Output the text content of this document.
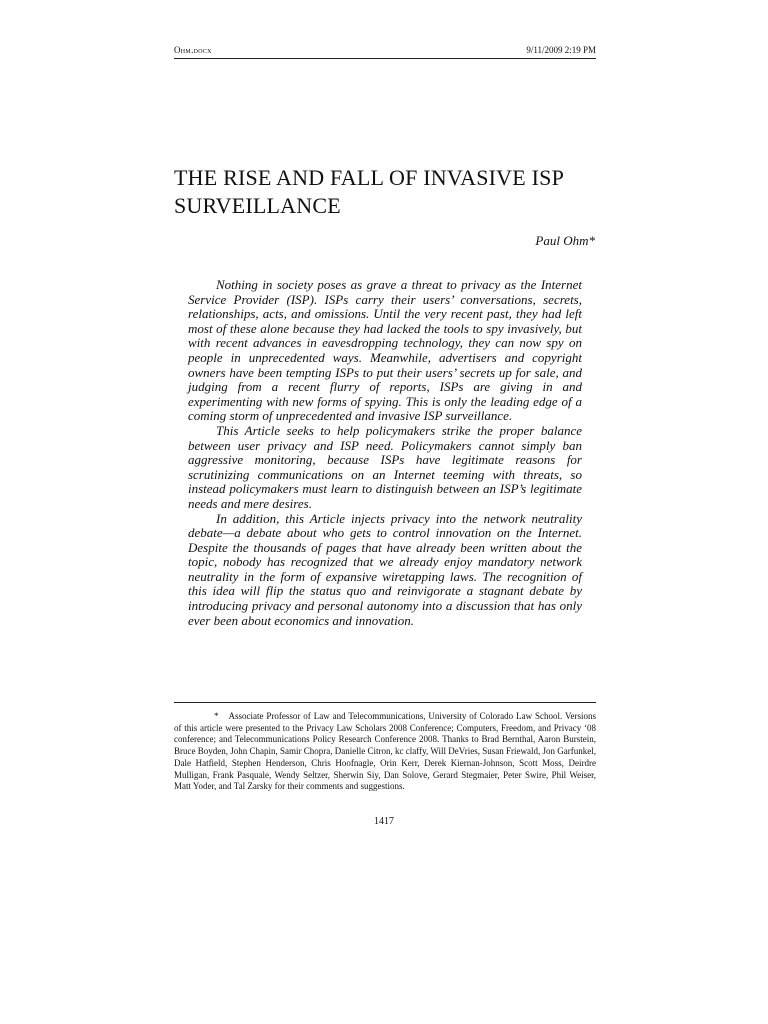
Ohm.docx	9/11/2009 2:19 PM
THE RISE AND FALL OF INVASIVE ISP
SURVEILLANCE
Paul Ohm*

Nothing in society poses as grave a threat to privacy as the Internet Service Provider (ISP). ISPs carry their users’ conversations, secrets, relationships, acts, and omissions. Until the very recent past, they had left most of these alone because they had lacked the tools to spy invasively, but with recent advances in eavesdropping technology, they can now spy on people in unprecedented ways. Meanwhile, advertisers and copyright owners have been tempting ISPs to put their users’ secrets up for sale, and judging from a recent flurry of reports, ISPs are giving in and experimenting with new forms of spying. This is only the leading edge of a coming storm of unprecedented and invasive ISP surveillance.

This Article seeks to help policymakers strike the proper balance between user privacy and ISP need. Policymakers cannot simply ban aggressive monitoring, because ISPs have legitimate reasons for scrutinizing communications on an Internet teeming with threats, so instead policymakers must learn to distinguish between an ISP’s legitimate needs and mere desires.

In addition, this Article injects privacy into the network neutrality debate—a debate about who gets to control innovation on the Internet. Despite the thousands of pages that have already been written about the topic, nobody has recognized that we already enjoy mandatory network neutrality in the form of expansive wiretapping laws. The recognition of this idea will flip the status quo and reinvigorate a stagnant debate by introducing privacy and personal autonomy into a discussion that has only ever been about economics and innovation.

* Associate Professor of Law and Telecommunications, University of Colorado Law School. Versions of this article were presented to the Privacy Law Scholars 2008 Conference; Computers, Freedom, and Privacy ‘08 conference; and Telecommunications Policy Research Conference 2008. Thanks to Brad Bernthal, Aaron Burstein, Bruce Boyden, John Chapin, Samir Chopra, Danielle Citron, kc claffy, Will DeVries, Susan Friewald, Jon Garfunkel, Dale Hatfield, Stephen Henderson, Chris Hoofnagle, Orin Kerr, Derek Kiernan-Johnson, Scott Moss, Deirdre Mulligan, Frank Pasquale, Wendy Seltzer, Sherwin Siy, Dan Solove, Gerard Stegmaier, Peter Swire, Phil Weiser, Matt Yoder, and Tal Zarsky for their comments and suggestions.

1417
